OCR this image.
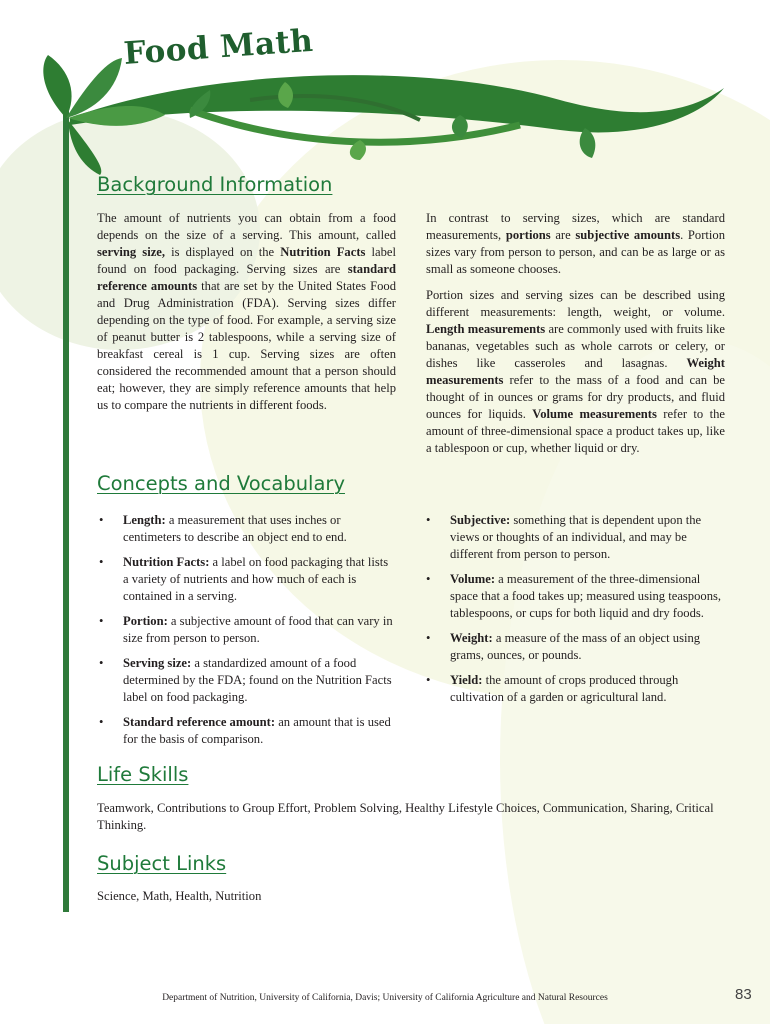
Food Math
Background Information

The amount of nutrients you can obtain from a food depends on the size of a serving. This amount, called serving size, is displayed on the Nutrition Facts label found on food packaging. Serving sizes are standard reference amounts that are set by the United States Food and Drug Administration (FDA). Serving sizes differ depending on the type of food. For example, a serving size of peanut butter is 2 tablespoons, while a serving size of breakfast cereal is 1 cup. Serving sizes are often considered the recommended amount that a person should eat; however, they are simply reference amounts that help us to compare the nutrients in different foods.

In contrast to serving sizes, which are standard measurements, portions are subjective amounts. Portion sizes vary from person to person, and can be as large or as small as someone chooses.

Portion sizes and serving sizes can be described using different measurements: length, weight, or volume. Length measurements are commonly used with fruits like bananas, vegetables such as whole carrots or celery, or dishes like casseroles and lasagnas. Weight measurements refer to the mass of a food and can be thought of in ounces or grams for dry products, and fluid ounces for liquids. Volume measurements refer to the amount of three-dimensional space a product takes up, like a tablespoon or cup, whether liquid or dry.

Concepts and Vocabulary
• Length: a measurement that uses inches or centimeters to describe an object end to end.
• Nutrition Facts: a label on food packaging that lists a variety of nutrients and how much of each is contained in a serving.
• Portion: a subjective amount of food that can vary in size from person to person.
• Serving size: a standardized amount of a food determined by the FDA; found on the Nutrition Facts label on food packaging.
• Standard reference amount: an amount that is used for the basis of comparison.
• Subjective: something that is dependent upon the views or thoughts of an individual, and may be different from person to person.
• Volume: a measurement of the three-dimensional space that a food takes up; measured using teaspoons, tablespoons, or cups for both liquid and dry foods.
• Weight: a measure of the mass of an object using grams, ounces, or pounds.
• Yield: the amount of crops produced through cultivation of a garden or agricultural land.
Life Skills

Teamwork, Contributions to Group Effort, Problem Solving, Healthy Lifestyle Choices, Communication, Sharing, Critical Thinking.

Subject Links

Science, Math, Health, Nutrition

Department of Nutrition, University of California, Davis; University of California Agriculture and Natural Resources	83
